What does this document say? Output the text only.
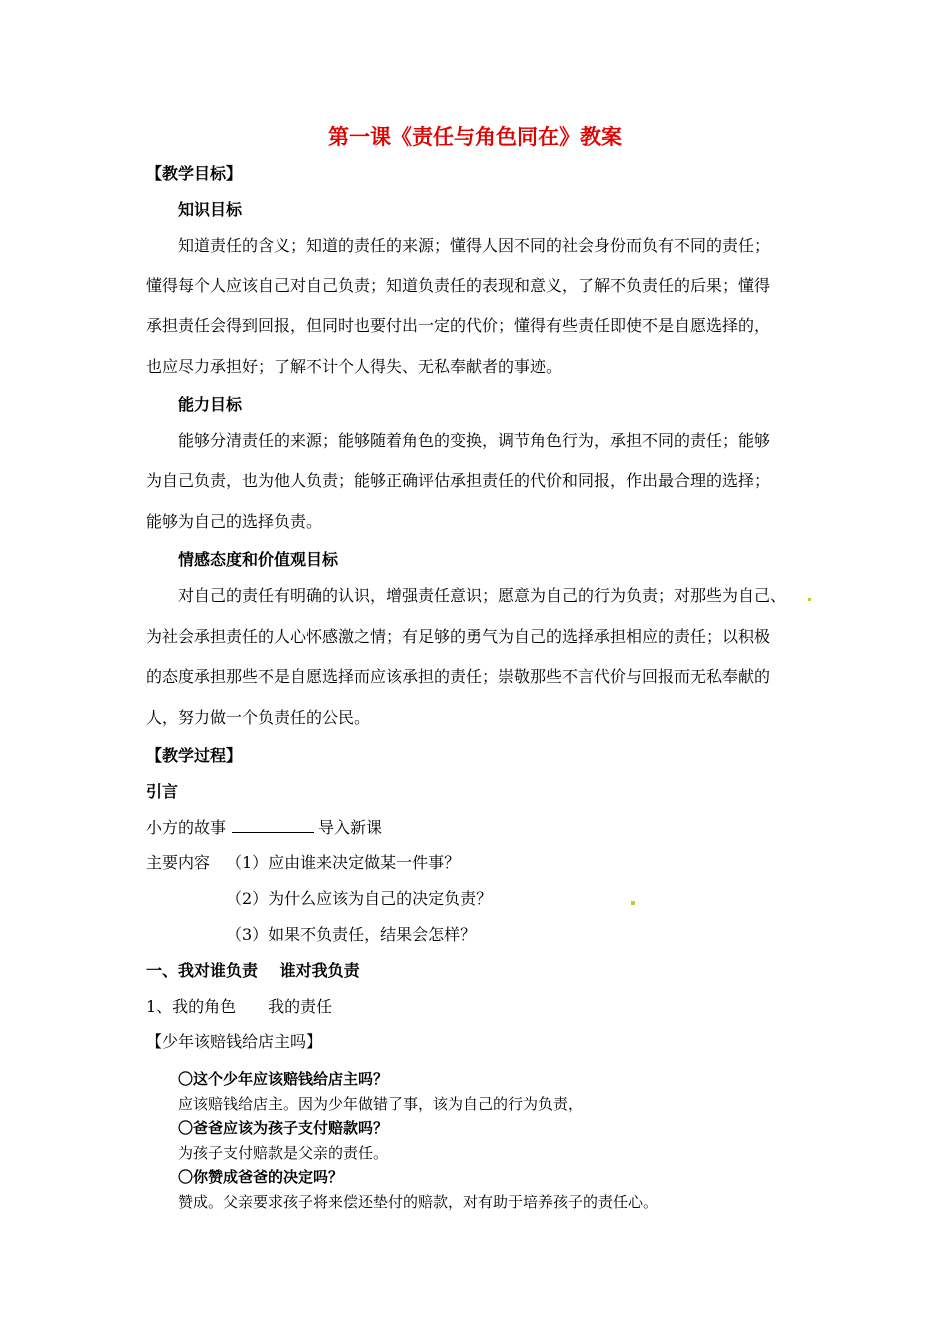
第一课《责任与角色同在》教案
【教学目标】
知识目标
知道责任的含义；知道的责任的来源；懂得人因不同的社会身份而负有不同的责任；
懂得每个人应该自己对自己负责；知道负责任的表现和意义，了解不负责任的后果；懂得
承担责任会得到回报，但同时也要付出一定的代价；懂得有些责任即使不是自愿选择的，
也应尽力承担好；了解不计个人得失、无私奉献者的事迹。
能力目标
能够分清责任的来源；能够随着角色的变换，调节角色行为，承担不同的责任；能够
为自己负责，也为他人负责；能够正确评估承担责任的代价和同报，作出最合理的选择；
能够为自己的选择负责。
情感态度和价值观目标
对自己的责任有明确的认识，增强责任意识；愿意为自己的行为负责；对那些为自己、
为社会承担责任的人心怀感激之情；有足够的勇气为自己的选择承担相应的责任；以积极
的态度承担那些不是自愿选择而应该承担的责任；崇敬那些不言代价与回报而无私奉献的
人，努力做一个负责任的公民。
【教学过程】
引言
小方的故事	导入新课
主要内容 （1）应由谁来决定做某一件事？
（2）为什么应该为自己的决定负责？
（3）如果不负责任，结果会怎样？
一、我对谁负责　 谁对我负责
1、我的角色　　我的责任
【少年该赔钱给店主吗】
〇这个少年应该赔钱给店主吗？
应该赔钱给店主。因为少年做错了事，该为自己的行为负责，
〇爸爸应该为孩子支付赔款吗？
为孩子支付赔款是父亲的责任。
〇你赞成爸爸的决定吗？
赞成。父亲要求孩子将来偿还垫付的赔款，对有助于培养孩子的责任心。
